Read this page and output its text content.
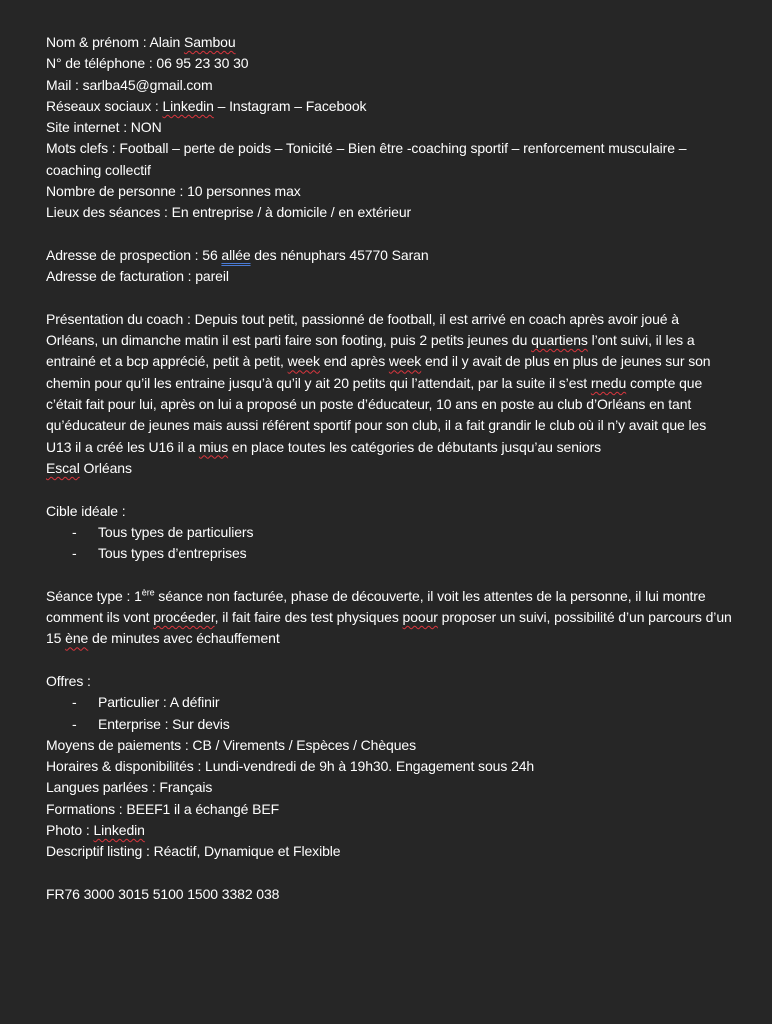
Nom & prénom : Alain Sambou
N° de téléphone : 06 95 23 30 30
Mail : sarlba45@gmail.com
Réseaux sociaux : Linkedin – Instagram – Facebook
Site internet : NON
Mots clefs : Football – perte de poids – Tonicité – Bien être -coaching sportif – renforcement musculaire – coaching collectif
Nombre de personne : 10 personnes max
Lieux des séances : En entreprise / à domicile / en extérieur
Adresse de prospection : 56 allée des nénuphars 45770 Saran
Adresse de facturation : pareil
Présentation du coach : Depuis tout petit, passionné de football, il est arrivé en coach après avoir joué à Orléans, un dimanche matin il est parti faire son footing, puis 2 petits jeunes du quartiens l’ont suivi, il les a entrainé et a bcp apprécié, petit à petit, week end après week end il y avait de plus en plus de jeunes sur son chemin pour qu’il les entraine jusqu’à qu’il y ait 20 petits qui l’attendait, par la suite il s’est rnedu compte que c’était fait pour lui, après on lui a proposé un poste d’éducateur, 10 ans en poste au club d’Orléans en tant qu’éducateur de jeunes mais aussi référent sportif pour son club, il a fait grandir le club où il n’y avait que les U13 il a créé les U16 il a mius en place toutes les catégories de débutants jusqu’au seniors
Escal Orléans
Cible idéale :
- Tous types de particuliers
- Tous types d’entreprises
Séance type : 1ère séance non facturée, phase de découverte, il voit les attentes de la personne, il lui montre comment ils vont procéeder, il fait faire des test physiques poour proposer un suivi, possibilité d’un parcours d’un 15 ène de minutes avec échauffement
Offres :
- Particulier : A définir
- Enterprise : Sur devis
Moyens de paiements : CB / Virements / Espèces / Chèques
Horaires & disponibilités : Lundi-vendredi de 9h à 19h30. Engagement sous 24h
Langues parlées : Français
Formations : BEEF1 il a échangé BEF
Photo : Linkedin
Descriptif listing : Réactif, Dynamique et Flexible
FR76 3000 3015 5100 1500 3382 038
